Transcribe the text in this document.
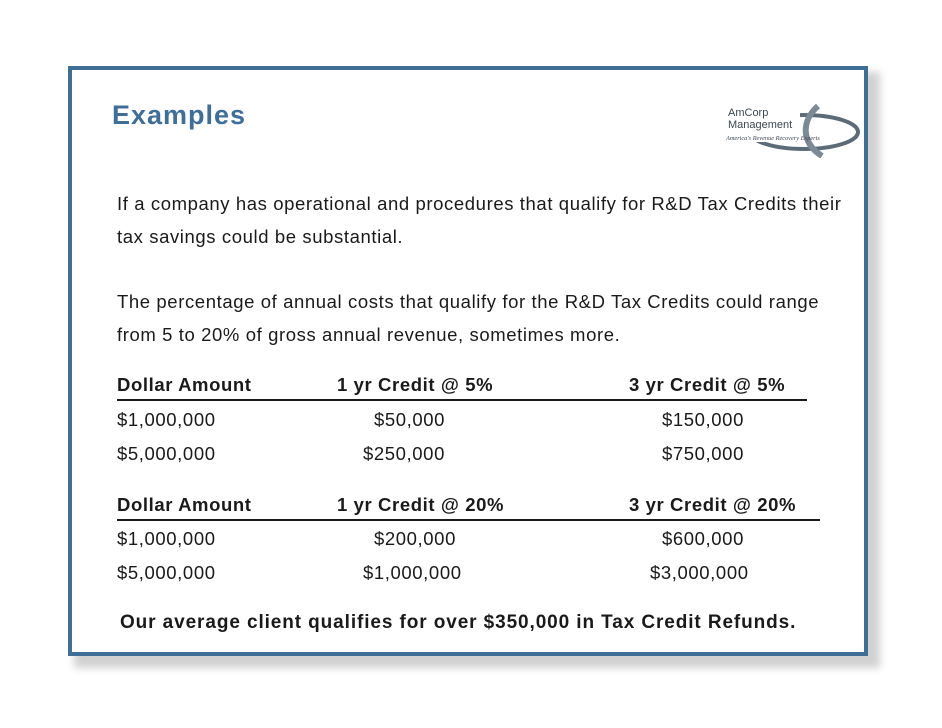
Examples	AmCorp
Management
America's Revenue Recovery Experts
If a company has operational and procedures that qualify for R&D Tax Credits their tax savings could be substantial.
The percentage of annual costs that qualify for the R&D Tax Credits could range from 5 to 20% of gross annual revenue, sometimes more.
Dollar Amount	1 yr Credit @ 5%	3 yr Credit @ 5%
$1,000,000	$50,000	$150,000
$5,000,000	$250,000	$750,000
Dollar Amount	1 yr Credit @ 20%	3 yr Credit @ 20%
$1,000,000	$200,000	$600,000
$5,000,000	$1,000,000	$3,000,000
Our average client qualifies for over $350,000 in Tax Credit Refunds.
